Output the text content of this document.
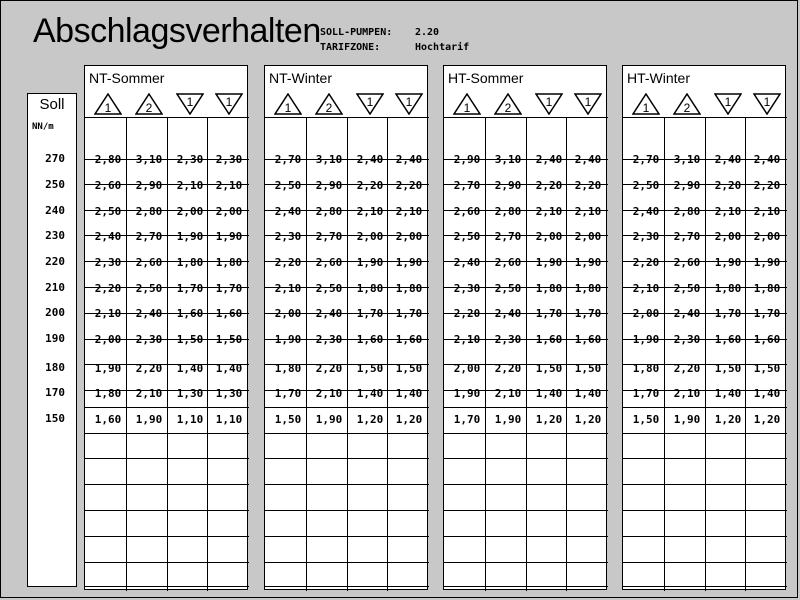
Abschlagsverhalten SOLL-PUMPEN: 2.20
TARIFZONE:	Hochtarif
Soll
NN/m
270
250
240
230
220
210
200
190
180
170
150
NT-Sommer
1	2	1	1
2,80	3,10	2,30	2,30
2,60	2,90	2,10	2,10
2,50	2,80	2,00	2,00
2,40	2,70	1,90	1,90
2,30	2,60	1,80	1,80
2,20	2,50	1,70	1,70
2,10	2,40	1,60	1,60
2,00	2,30	1,50	1,50
1,90	2,20	1,40	1,40
1,80	2,10	1,30	1,30
1,60	1,90	1,10	1,10
NT-Winter
1	2	1	1
2,70	3,10	2,40	2,40
2,50	2,90	2,20	2,20
2,40	2,80	2,10	2,10
2,30	2,70	2,00	2,00
2,20	2,60	1,90	1,90
2,10	2,50	1,80	1,80
2,00	2,40	1,70	1,70
1,90	2,30	1,60	1,60
1,80	2,20	1,50	1,50
1,70	2,10	1,40	1,40
1,50	1,90	1,20	1,20
HT-Sommer
1	2	1	1
2,90	3,10	2,40	2,40
2,70	2,90	2,20	2,20
2,60	2,80	2,10	2,10
2,50	2,70	2,00	2,00
2,40	2,60	1,90	1,90
2,30	2,50	1,80	1,80
2,20	2,40	1,70	1,70
2,10	2,30	1,60	1,60
2,00	2,20	1,50	1,50
1,90	2,10	1,40	1,40
1,70	1,90	1,20	1,20
HT-Winter
1	2	1	1
2,70	3,10	2,40	2,40
2,50	2,90	2,20	2,20
2,40	2,80	2,10	2,10
2,30	2,70	2,00	2,00
2,20	2,60	1,90	1,90
2,10	2,50	1,80	1,80
2,00	2,40	1,70	1,70
1,90	2,30	1,60	1,60
1,80	2,20	1,50	1,50
1,70	2,10	1,40	1,40
1,50	1,90	1,20	1,20
